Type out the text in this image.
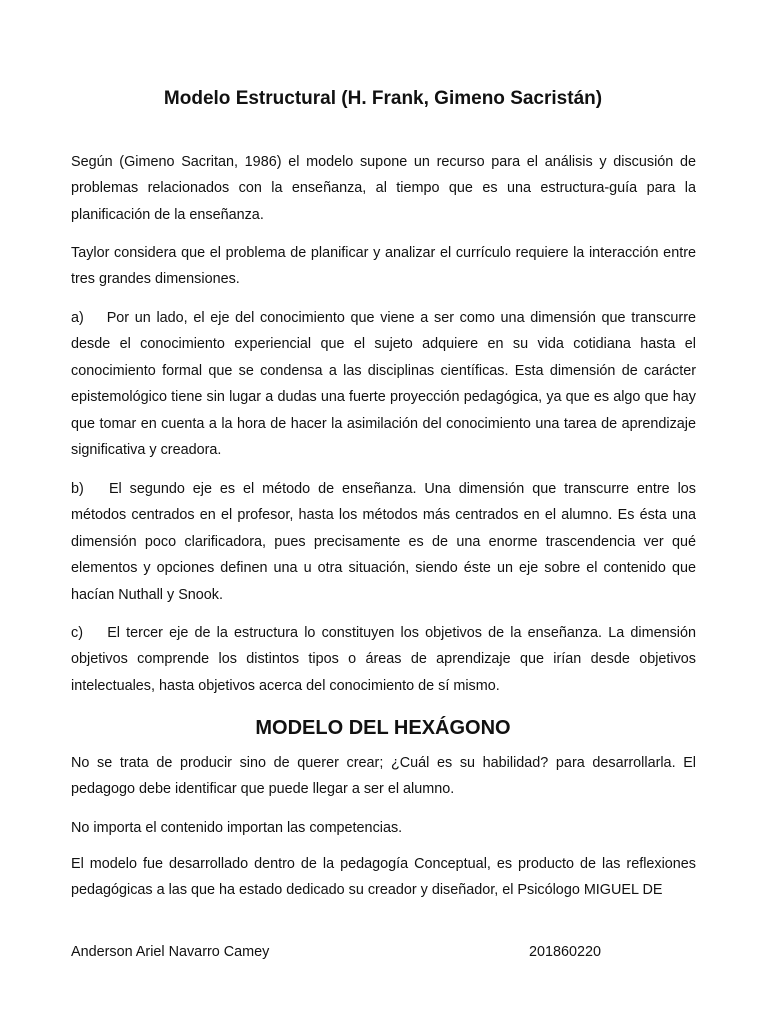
Modelo Estructural (H. Frank, Gimeno Sacristán)

Según (Gimeno Sacritan, 1986) el modelo supone un recurso para el análisis y discusión de problemas relacionados con la enseñanza, al tiempo que es una estructura-guía para la planificación de la enseñanza.

Taylor considera que el problema de planificar y analizar el currículo requiere la interacción entre tres grandes dimensiones.

a) Por un lado, el eje del conocimiento que viene a ser como una dimensión que transcurre desde el conocimiento experiencial que el sujeto adquiere en su vida cotidiana hasta el conocimiento formal que se condensa a las disciplinas científicas. Esta dimensión de carácter epistemológico tiene sin lugar a dudas una fuerte proyección pedagógica, ya que es algo que hay que tomar en cuenta a la hora de hacer la asimilación del conocimiento una tarea de aprendizaje significativa y creadora.

b) El segundo eje es el método de enseñanza. Una dimensión que transcurre entre los métodos centrados en el profesor, hasta los métodos más centrados en el alumno. Es ésta una dimensión poco clarificadora, pues precisamente es de una enorme trascendencia ver qué elementos y opciones definen una u otra situación, siendo éste un eje sobre el contenido que hacían Nuthall y Snook.

c) El tercer eje de la estructura lo constituyen los objetivos de la enseñanza. La dimensión objetivos comprende los distintos tipos o áreas de aprendizaje que irían desde objetivos intelectuales, hasta objetivos acerca del conocimiento de sí mismo.

MODELO DEL HEXÁGONO

No se trata de producir sino de querer crear; ¿Cuál es su habilidad? para desarrollarla. El pedagogo debe identificar que puede llegar a ser el alumno.

No importa el contenido importan las competencias.

El modelo fue desarrollado dentro de la pedagogía Conceptual, es producto de las reflexiones pedagógicas a las que ha estado dedicado su creador y diseñador, el Psicólogo MIGUEL DE

Anderson Ariel Navarro Camey	201860220
